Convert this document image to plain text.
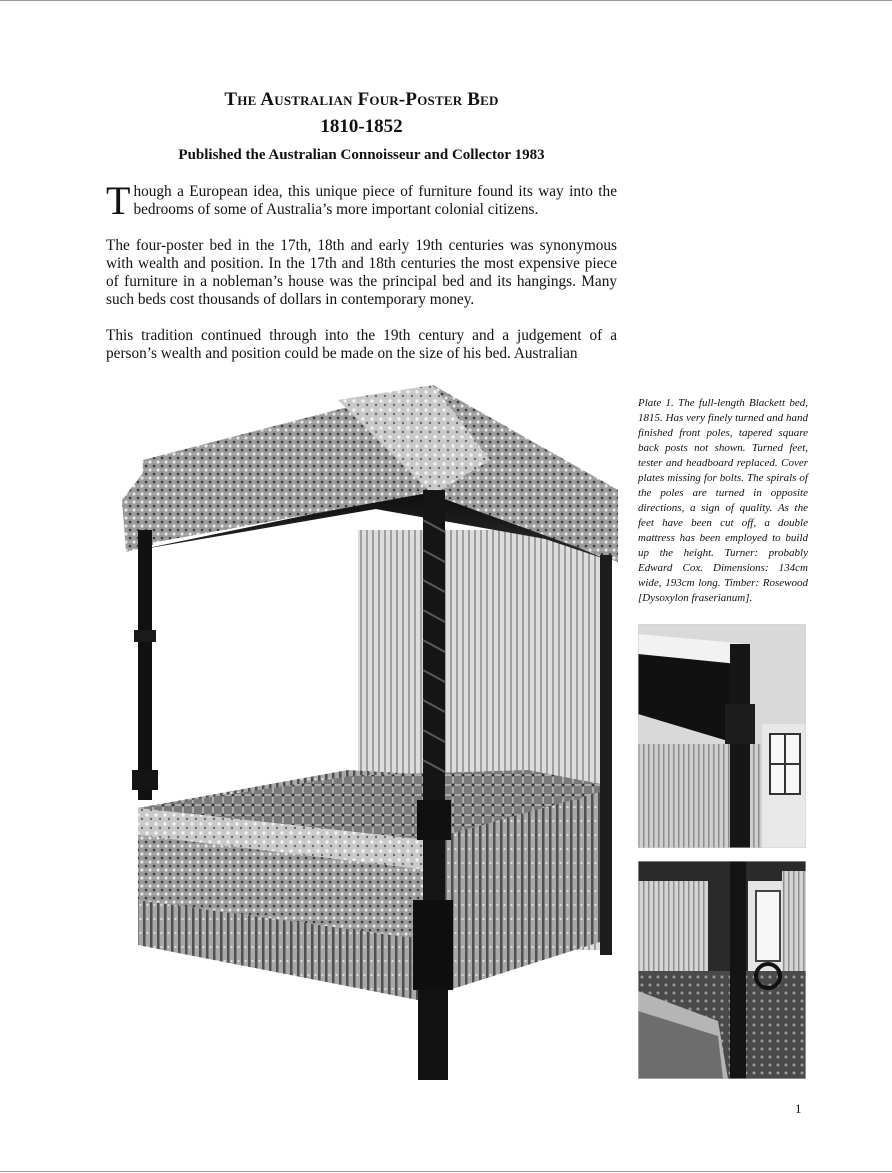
The Australian Four-Poster Bed
1810-1852
Published the Australian Connoisseur and Collector 1983

Though a European idea, this unique piece of furniture found its way into the bedrooms of some of Australia’s more important colonial citizens.

The four-poster bed in the 17th, 18th and early 19th centuries was synonymous with wealth and position. In the 17th and 18th centuries the most expensive piece of furniture in a nobleman’s house was the principal bed and its hangings. Many such beds cost thousands of dollars in contemporary money.

This tradition continued through into the 19th century and a judgement of a person’s wealth and position could be made on the size of his bed. Australian

Plate 1. The full-length Blackett bed, 1815. Has very finely turned and hand finished front poles, tapered square back posts not shown. Turned feet, tester and headboard replaced. Cover plates missing for bolts. The spirals of the poles are turned in opposite directions, a sign of quality. As the feet have been cut off, a double mattress has been employed to build up the height. Turner: probably Edward Cox. Dimensions: 134cm wide, 193cm long. Timber: Rosewood [Dysoxylon fraserianum].

1
